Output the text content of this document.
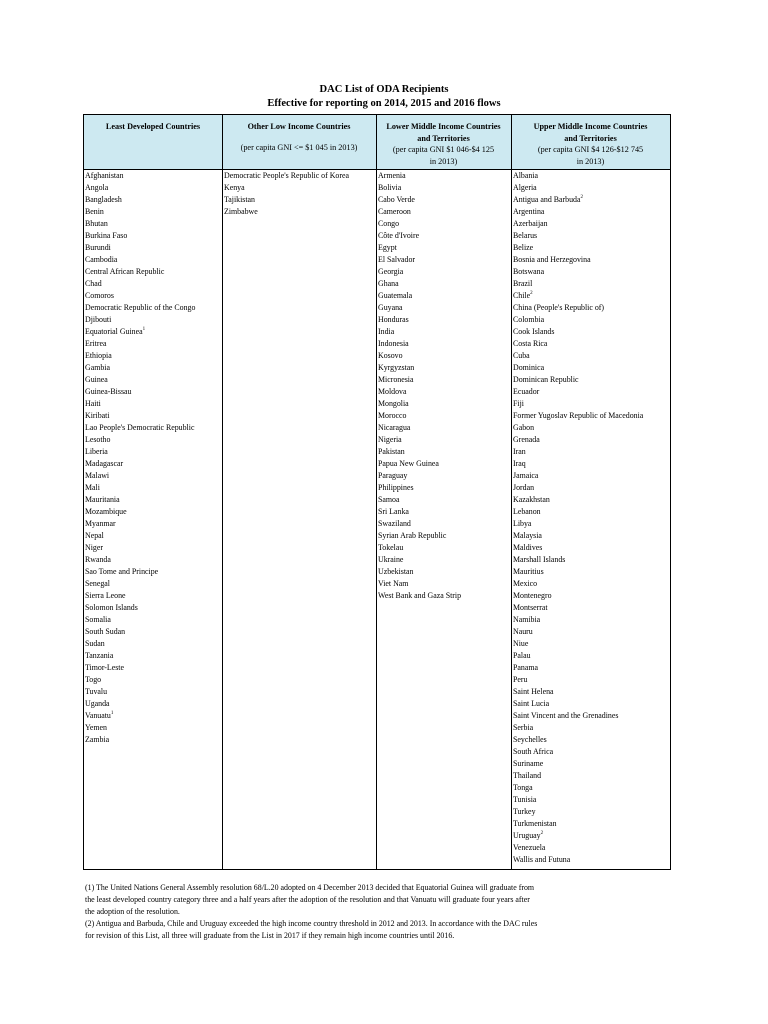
DAC List of ODA Recipients
Effective for reporting on 2014, 2015 and 2016 flows
Least Developed Countries	Other Low Income Countries
(per capita GNI <= $1 045 in 2013)
Lower Middle Income Countries
and Territories
(per capita GNI $1 046-$4 125
in 2013)
Upper Middle Income Countries
and Territories
(per capita GNI $4 126-$12 745
in 2013)
Afghanistan
Angola
Bangladesh
Benin
Bhutan
Burkina Faso
Burundi
Cambodia
Central African Republic
Chad
Comoros
Democratic Republic of the Congo
Djibouti
Equatorial Guinea$^1$
Eritrea
Ethiopia
Gambia
Guinea
Guinea-Bissau
Haiti
Kiribati
Lao People's Democratic Republic
Lesotho
Liberia
Madagascar
Malawi
Mali
Mauritania
Mozambique
Myanmar
Nepal
Niger
Rwanda
Sao Tome and Principe
Senegal
Sierra Leone
Solomon Islands
Somalia
South Sudan
Sudan
Tanzania
Timor-Leste
Togo
Tuvalu
Uganda
Vanuatu$^1$
Yemen
Zambia
Democratic People's Republic of Korea
Kenya
Tajikistan
Zimbabwe
Armenia
Bolivia
Cabo Verde
Cameroon
Congo
Côte d'Ivoire
Egypt
El Salvador
Georgia
Ghana
Guatemala
Guyana
Honduras
India
Indonesia
Kosovo
Kyrgyzstan
Micronesia
Moldova
Mongolia
Morocco
Nicaragua
Nigeria
Pakistan
Papua New Guinea
Paraguay
Philippines
Samoa
Sri Lanka
Swaziland
Syrian Arab Republic
Tokelau
Ukraine
Uzbekistan
Viet Nam
West Bank and Gaza Strip
Albania
Algeria
Antigua and Barbuda$^2$
Argentina
Azerbaijan
Belarus
Belize
Bosnia and Herzegovina
Botswana
Brazil
Chile$^2$
China (People's Republic of)
Colombia
Cook Islands
Costa Rica
Cuba
Dominica
Dominican Republic
Ecuador
Fiji
Former Yugoslav Republic of Macedonia
Gabon
Grenada
Iran
Iraq
Jamaica
Jordan
Kazakhstan
Lebanon
Libya
Malaysia
Maldives
Marshall Islands
Mauritius
Mexico
Montenegro
Montserrat
Namibia
Nauru
Niue
Palau
Panama
Peru
Saint Helena
Saint Lucia
Saint Vincent and the Grenadines
Serbia
Seychelles
South Africa
Suriname
Thailand
Tonga
Tunisia
Turkey
Turkmenistan
Uruguay$^2$
Venezuela
Wallis and Futuna
(1) The United Nations General Assembly resolution 68/L.20 adopted on 4 December 2013 decided that Equatorial Guinea will graduate from
the least developed country category three and a half years after the adoption of the resolution and that Vanuatu will graduate four years after
the adoption of the resolution.
(2) Antigua and Barbuda, Chile and Uruguay exceeded the high income country threshold in 2012 and 2013. In accordance with the DAC rules
for revision of this List, all three will graduate from the List in 2017 if they remain high income countries until 2016.
